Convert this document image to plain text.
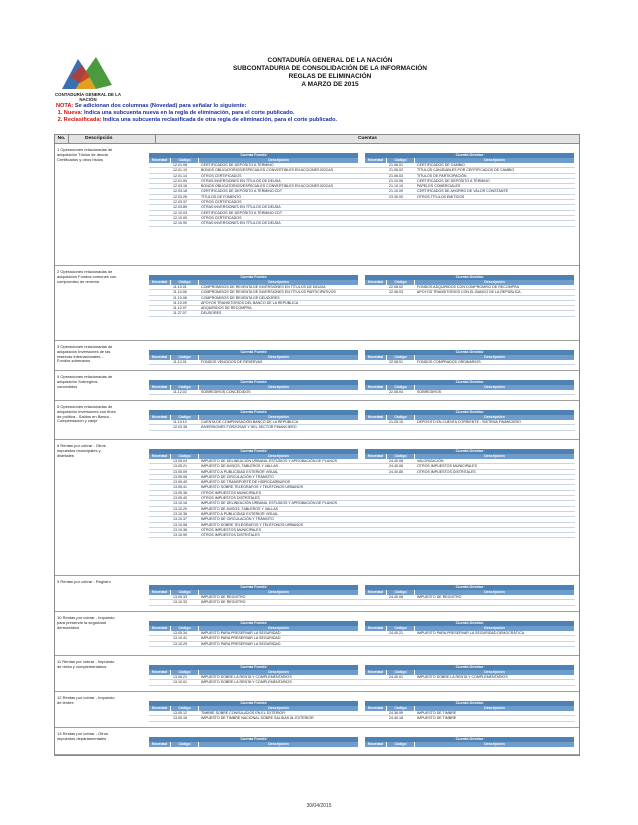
CONTADURÍA GENERAL DE LA NACIÓN
CONTADURÍA GENERAL DE LA NACIÓN
SUBCONTADURIA DE CONSOLIDACIÓN DE LA INFORMACIÓN
REGLAS DE ELIMINACIÓN
A MARZO DE 2015
NOTA: Se adicionan dos columnas (Novedad) para señalar lo siguiente:
1. Nueva: Indica una subcuenta nueva en la regla de eliminación, para el corte publicado.
2. Reclasificada: Indica una subcuenta reclasificada de otra regla de eliminación, para el corte publicado.
No.	Descripción	Cuentas
1 Operaciones relacionadas de adquisición Títulos de deuda Certificados y otros títulos
Cuenta Fuente	Cuenta Destino
Novedad	Código	Descripción	Novedad	Código	Descripción
12.01.08	CERTIFICADOS DE DEPÓSITO A TÉRMINO	21.06.01	CERTIFICADOS DE CAMBIO
12.01.10	BONOS OBLIGATORIOS/ESPECIALES CONVERTIBLES EN ACCIONES BOCAS	21.06.02	TÍTULOS CANJEABLES POR CERTIFICADOS DE CAMBIO
12.01.14	OTROS CERTIFICADOS	21.06.03	TÍTULOS DE PARTICIPACIÓN
12.01.90	OTRAS INVERSIONES EN TÍTULOS DE DEUDA	21.10.06	CERTIFICADOS DE DEPÓSITO A TÉRMINO
12.03.16	BONOS OBLIGATORIOS/ESPECIALES CONVERTIBLES EN ACCIONES BOCAS	21.10.10	PAPELES COMERCIALES
12.03.18	CERTIFICADOS DE DEPÓSITO A TÉRMINO CDT	21.10.09	CERTIFICADOS DE AHORRO DE VALOR CONSTANTE
12.03.26	TÍTULOS DE FOMENTO	23.30.00	OTROS TÍTULOS EMITIDOS
12.03.37	OTROS CERTIFICADOS
12.03.89	OTRAS INVERSIONES EN TÍTULOS DE DEUDA
12.10.03	CERTIFICADOS DE DEPÓSITO A TÉRMINO CDT
12.10.05	OTROS CERTIFICADOS
12.10.90	OTRAS INVERSIONES EN TÍTULOS DE DEUDA
2 Operaciones relacionadas de adquisición Fondos comunes con compromiso de reventa
Cuenta Fuente	Cuenta Destino
Novedad	Código	Descripción	Novedad	Código	Descripción
11.10.01	COMPROMISOS DE REVENTA DE INVERSIONES EN TÍTULOS DE DEUDA	22.08.02	FONDOS ADQUIRIDOS CON COMPROMISO DE RECOMPRA
11.10.06	COMPROMISOS DE REVENTA DE INVERSIONES EN TÍTULOS PARTICIPATIVOS	22.08.03	APOYOS TRANSITORIOS CON EL BANCO DE LA REPÚBLICA
11.10.08	COMPROMISOS DE REVENTA DE DEUDORES
11.10.09	APOYOS TRANSITORIOS DEL BANCO DE LA REPÚBLICA
11.12.07	ADQUIRIDOS DE RECOMPRA
11.27.07	DEUDORES
3 Operaciones relacionadas de adquisición Inversiones de las reservas internacionales - Fondos soberanos
Cuenta Fuente	Cuenta Destino
Novedad	Código	Descripción	Novedad	Código	Descripción
11.12.01	FONDOS VENCIDOS DE RESERVAS	22.08.01	FONDOS COMPRADOS ORDINARIOS
4 Operaciones relacionadas de adquisición Sobregiros concedidos
Cuenta Fuente	Cuenta Destino
Novedad	Código	Descripción	Novedad	Código	Descripción
11.12.02	SOBREGIROS CONCEDIDOS	22.08.04	SOBREGIROS
5 Operaciones relacionadas de adquisición Inversiones con fines de política - Saldos en Banco - Compensación y canje
Cuenta Fuente	Cuenta Destino
Novedad	Código	Descripción	Novedad	Código	Descripción
11.10.10	CUENTA DE COMPENSACIÓN BANCO DE LA REPÚBLICA	21.25.10	DEPÓSITO EN CUENTA CORRIENTE - SISTEMA FINANCIERO
12.03.35	INVERSIONES FORZOSAS Y DEL SECTOR FINANCIERO
6 Rentas por cobrar - Otros impuestos municipales y distritales
Cuenta Fuente	Cuenta Destino
Novedad	Código	Descripción	Novedad	Código	Descripción
13.05.04	IMPUESTO DE DELINEACIÓN URBANA, ESTUDIOS Y APROBACIÓN DE PLANOS	24.40.08	VALORIZACIÓN
13.05.21	IMPUESTO DE AVISOS, TABLEROS Y VALLAS	24.40.06	OTROS IMPUESTOS MUNICIPALES
13.05.09	IMPUESTO A PUBLICIDAD EXTERIOR VISUAL	24.40.85	OTROS IMPUESTOS DISTRITALES
13.05.08	IMPUESTO DE CIRCULACIÓN Y TRÁNSITO
13.05.40	IMPUESTO DE TRANSPORTE DE HIDROCARBUROS
13.05.41	IMPUESTO SOBRE TELÉGRAFOS Y TELÉFONOS URBANOS
13.05.36	OTROS IMPUESTOS MUNICIPALES
13.05.40	OTROS IMPUESTOS DISTRITALES
13.10.16	IMPUESTO DE DELINEACIÓN URBANA, ESTUDIOS Y APROBACIÓN DE PLANOS
13.10.20	IMPUESTO DE AVISOS, TABLEROS Y VALLAS
13.10.36	IMPUESTO A PUBLICIDAD EXTERIOR VISUAL
13.10.37	IMPUESTO DE CIRCULACIÓN Y TRÁNSITO
13.10.58	IMPUESTO SOBRE TELÉGRAFOS Y TELÉFONOS URBANOS
13.10.36	OTROS IMPUESTOS MUNICIPALES
13.10.90	OTROS IMPUESTOS DISTRITALES
9 Rentas por cobrar - Registro
Cuenta Fuente	Cuenta Destino
Novedad	Código	Descripción	Novedad	Código	Descripción
13.05.33	IMPUESTO DE REGISTRO	24.40.08	IMPUESTO DE REGISTRO
13.10.33	IMPUESTO DE REGISTRO
10 Rentas por cobrar - Impuesto para preservar la seguridad democrática
Cuenta Fuente	Cuenta Destino
Novedad	Código	Descripción	Novedad	Código	Descripción
13.05.34	IMPUESTO PARA PRESERVAR LA SEGURIDAD	24.40.21	IMPUESTO PARA PRESERVAR LA SEGURIDAD DEMOCRÁTICA
13.10.41	IMPUESTO PARA PRESERVAR LA SEGURIDAD
13.10.29	IMPUESTO PARA PRESERVAR LA SEGURIDAD
11 Rentas por cobrar - Impuesto de renta y complementarios	Cuenta Fuente	Cuenta Destino
Novedad	Código	Descripción	Novedad	Código	Descripción
13.05.21	IMPUESTO SOBRE LA RENTA Y COMPLEMENTARIOS	24.40.01	IMPUESTO SOBRE LA RENTA Y COMPLEMENTARIOS
13.10.01	IMPUESTO SOBRE LA RENTA Y COMPLEMENTARIOS
12 Rentas por cobrar - Impuesto de timbre	Cuenta Fuente	Cuenta Destino
Novedad	Código	Descripción	Novedad	Código	Descripción
13.05.12	TIMBRE SOBRE CONSULADOS EN EL EXTERIOR	24.36.99	IMPUESTO DE TIMBRE
13.05.16	IMPUESTO DE TIMBRE NACIONAL SOBRE SALIDAS AL EXTERIOR	24.40.18	IMPUESTO DE TIMBRE
13 Rentas por cobrar - Otros impuestos departamentales	Cuenta Fuente	Cuenta Destino
Novedad	Código	Descripción	Novedad	Código	Descripción
30/04/2015
